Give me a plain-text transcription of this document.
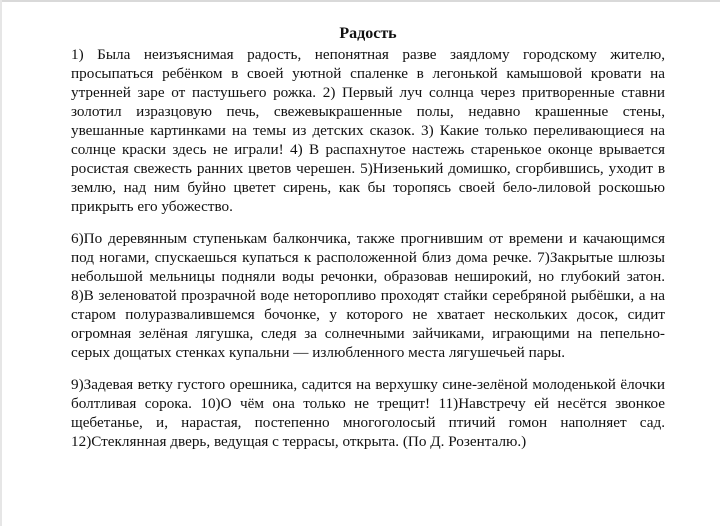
Радость

1) Была неизъяснимая радость, непонятная разве заядлому городскому жителю, просыпаться ребёнком в своей уютной спаленке в легонькой камышовой кровати на утренней заре от пастушьего рожка. 2) Первый луч солнца через притворенные ставни золотил изразцовую печь, свежевыкрашенные полы, недавно крашенные стены, увешанные картинками на темы из детских сказок. 3) Какие только переливающиеся на солнце краски здесь не играли! 4) В распахнутое настежь старенькое оконце врывается росистая свежесть ранних цветов черешен. 5)Низенький домишко, сгорбившись, уходит в землю, над ним буйно цветет сирень, как бы торопясь своей бело-лиловой роскошью прикрыть его убожество.

6)По деревянным ступенькам балкончика, также прогнившим от времени и качающимся под ногами, спускаешься купаться к расположенной близ дома речке. 7)Закрытые шлюзы небольшой мельницы подняли воды речонки, образовав неширокий, но глубокий затон. 8)В зеленоватой прозрачной воде неторопливо проходят стайки серебряной рыбёшки, а на старом полуразвалившемся бочонке, у которого не хватает нескольких досок, сидит огромная зелёная лягушка, следя за солнечными зайчиками, играющими на пепельно-серых дощатых стенках купальни — излюбленного места лягушечьей пары.

9)Задевая ветку густого орешника, садится на верхушку сине-зелёной молоденькой ёлочки болтливая сорока. 10)О чём она только не трещит! 11)Навстречу ей несётся звонкое щебетанье, и, нарастая, постепенно многоголосый птичий гомон наполняет сад. 12)Стеклянная дверь, ведущая с террасы, открыта. (По Д. Розенталю.)
